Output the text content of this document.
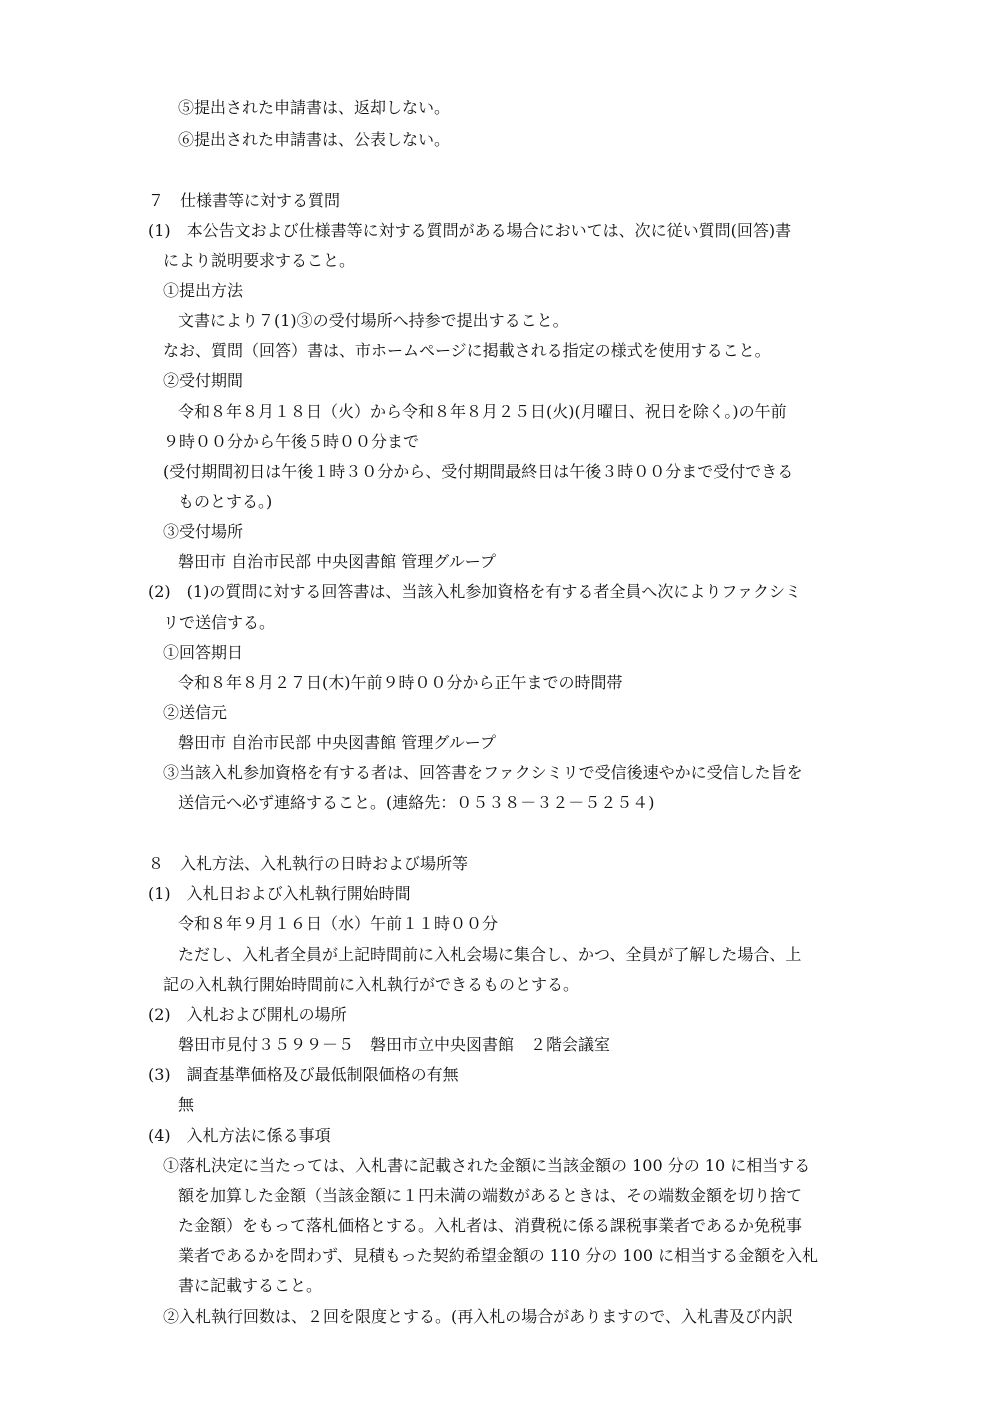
⑤提出された申請書は、返却しない。
⑥提出された申請書は、公表しない。
７　仕様書等に対する質問
(1)　本公告文および仕様書等に対する質問がある場合においては、次に従い質問(回答)書
により説明要求すること。
①提出方法
文書により７(1)③の受付場所へ持参で提出すること。
なお、質問（回答）書は、市ホームページに掲載される指定の様式を使用すること。
②受付期間
令和８年８月１８日（火）から令和８年８月２５日(火)(月曜日、祝日を除く。)の午前
９時００分から午後５時００分まで
(受付期間初日は午後１時３０分から、受付期間最終日は午後３時００分まで受付できる
ものとする。)
③受付場所
磐田市 自治市民部 中央図書館 管理グループ
(2)　(1)の質問に対する回答書は、当該入札参加資格を有する者全員へ次によりファクシミ
リで送信する。
①回答期日
令和８年８月２７日(木)午前９時００分から正午までの時間帯
②送信元
磐田市 自治市民部 中央図書館 管理グループ
③当該入札参加資格を有する者は、回答書をファクシミリで受信後速やかに受信した旨を
送信元へ必ず連絡すること。(連絡先：０５３８－３２－５２５４)
８　入札方法、入札執行の日時および場所等
(1)　入札日および入札執行開始時間
令和８年９月１６日（水）午前１１時００分
ただし、入札者全員が上記時間前に入札会場に集合し、かつ、全員が了解した場合、上
記の入札執行開始時間前に入札執行ができるものとする。
(2)　入札および開札の場所
磐田市見付３５９９－５　磐田市立中央図書館　２階会議室
(3)　調査基準価格及び最低制限価格の有無
無
(4)　入札方法に係る事項
①落札決定に当たっては、入札書に記載された金額に当該金額の 100 分の 10 に相当する
額を加算した金額（当該金額に１円未満の端数があるときは、その端数金額を切り捨て
た金額）をもって落札価格とする。入札者は、消費税に係る課税事業者であるか免税事
業者であるかを問わず、見積もった契約希望金額の 110 分の 100 に相当する金額を入札
書に記載すること。
②入札執行回数は、２回を限度とする。(再入札の場合がありますので、入札書及び内訳
